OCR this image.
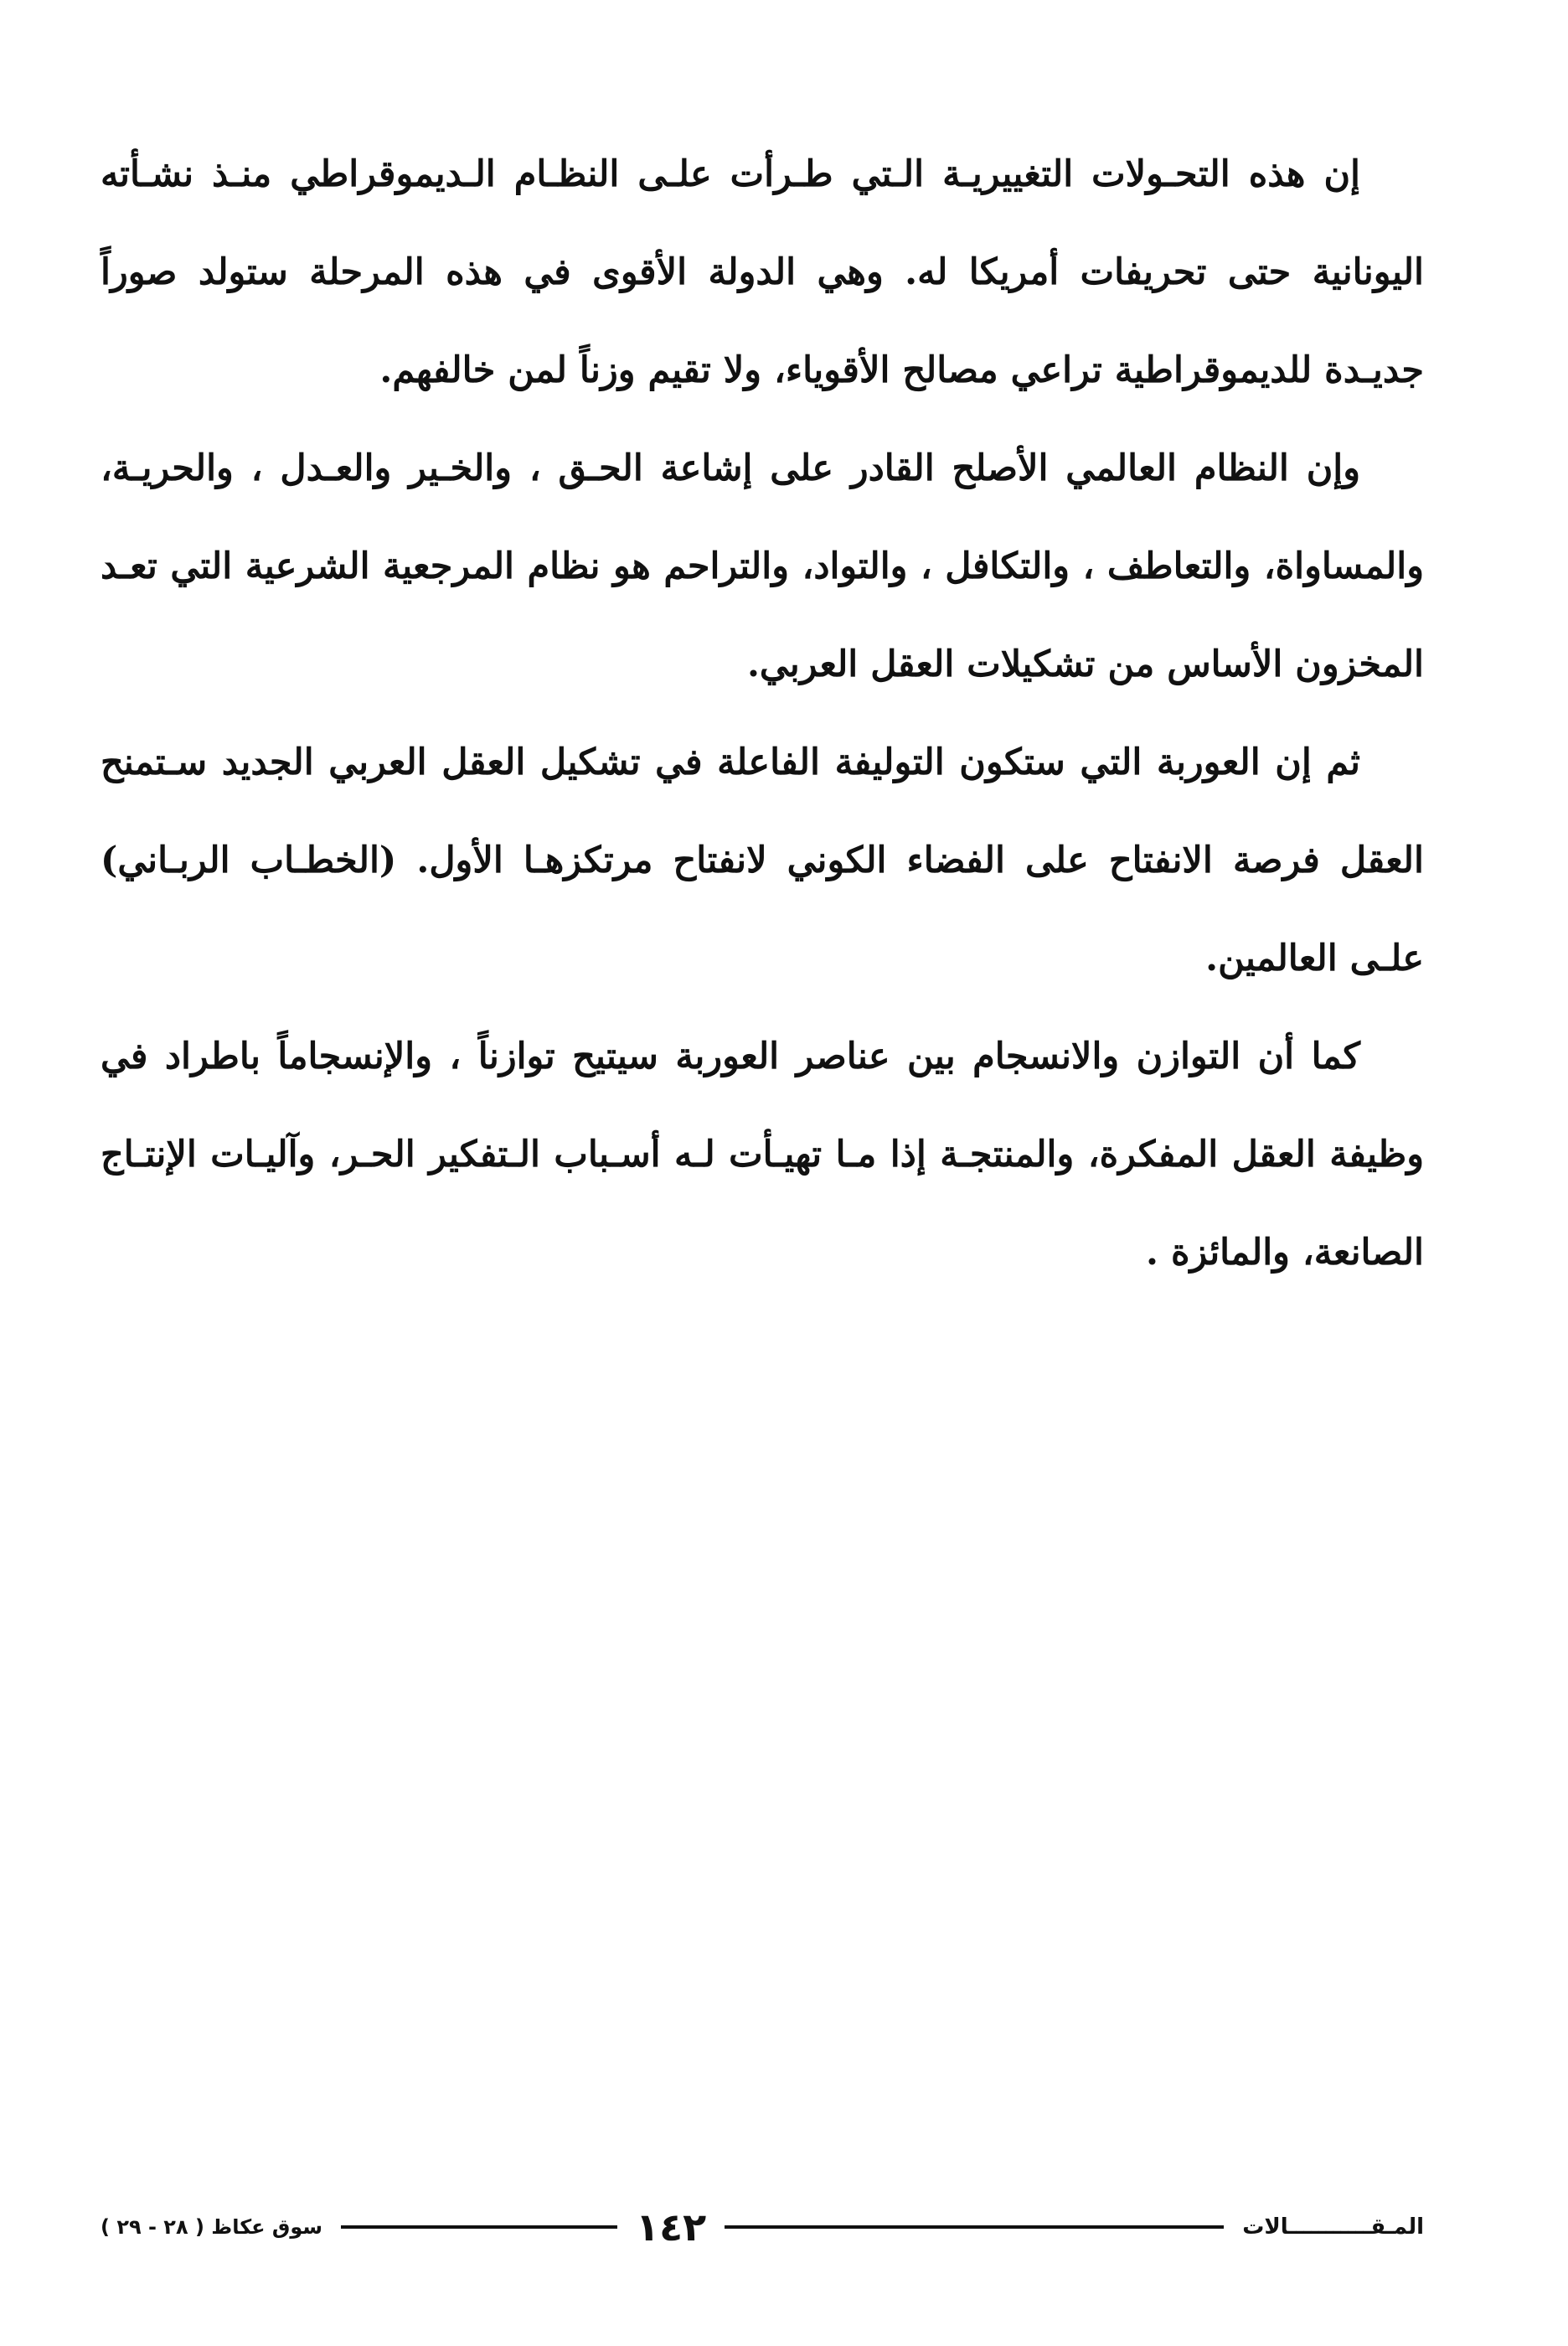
إن هذه التحـولات التغييريـة الـتي طـرأت علـى النظـام الـديموقراطي منـذ نشـأته اليونانية حتى تحريفات أمريكا له. وهي الدولة الأقوى في هذه المرحلة ستولد صوراً جديـدة للديموقراطية تراعي مصالح الأقوياء، ولا تقيم وزناً لمن خالفهم.

وإن النظام العالمي الأصلح القادر على إشاعة الحـق ، والخـير والعـدل ، والحريـة، والمساواة، والتعاطف ، والتكافل ، والتواد، والتراحم هو نظام المرجعية الشرعية التي تعـد المخزون الأساس من تشكيلات العقل العربي.

ثم إن العوربة التي ستكون التوليفة الفاعلة في تشكيل العقل العربي الجديد سـتمنح العقل فرصة الانفتاح على الفضاء الكوني لانفتاح مرتكزهـا الأول. (الخطـاب الربـاني) علـى العالمين.

كما أن التوازن والانسجام بين عناصر العوربة سيتيح توازناً ، والإنسجاماً باطراد في وظيفة العقل المفكرة، والمنتجـة إذا مـا تهيـأت لـه أسـباب الـتفكير الحـر، وآليـات الإنتـاج الصانعة، والمائزة .

سوق عكاظ ( ٢٨ - ٢٩ )	١٤٢	المـقـــــــــــالات
